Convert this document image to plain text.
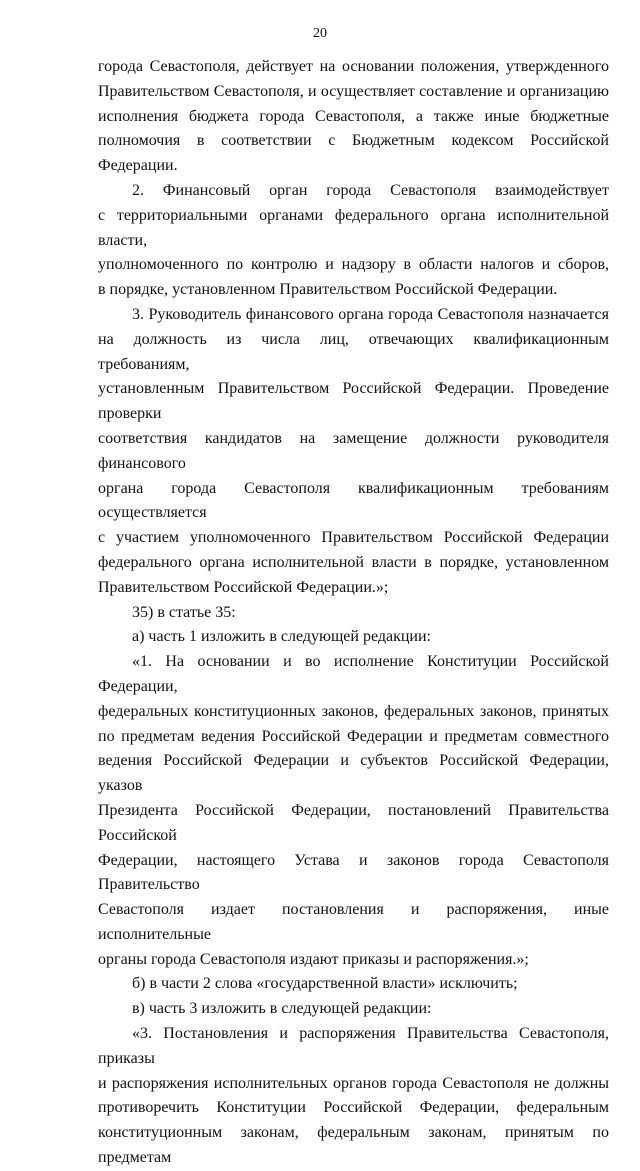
20

города Севастополя, действует на основании положения, утвержденного

Правительством Севастополя, и осуществляет составление и организацию

исполнения бюджета города Севастополя, а также иные бюджетные

полномочия в соответствии с Бюджетным кодексом Российской Федерации.

2. Финансовый орган города Севастополя взаимодействует

с территориальными органами федерального органа исполнительной власти,

уполномоченного по контролю и надзору в области налогов и сборов,

в порядке, установленном Правительством Российской Федерации.

3. Руководитель финансового органа города Севастополя назначается

на должность из числа лиц, отвечающих квалификационным требованиям,

установленным Правительством Российской Федерации. Проведение проверки

соответствия кандидатов на замещение должности руководителя финансового

органа города Севастополя квалификационным требованиям осуществляется

с участием уполномоченного Правительством Российской Федерации

федерального органа исполнительной власти в порядке, установленном

Правительством Российской Федерации.»;

35) в статье 35:

а) часть 1 изложить в следующей редакции:

«1. На основании и во исполнение Конституции Российской Федерации,

федеральных конституционных законов, федеральных законов, принятых

по предметам ведения Российской Федерации и предметам совместного

ведения Российской Федерации и субъектов Российской Федерации, указов

Президента Российской Федерации, постановлений Правительства Российской

Федерации, настоящего Устава и законов города Севастополя Правительство

Севастополя издает постановления и распоряжения, иные исполнительные

органы города Севастополя издают приказы и распоряжения.»;

б) в части 2 слова «государственной власти» исключить;

в) часть 3 изложить в следующей редакции:

«3. Постановления и распоряжения Правительства Севастополя, приказы

и распоряжения исполнительных органов города Севастополя не должны

противоречить Конституции Российской Федерации, федеральным

конституционным законам, федеральным законам, принятым по предметам
